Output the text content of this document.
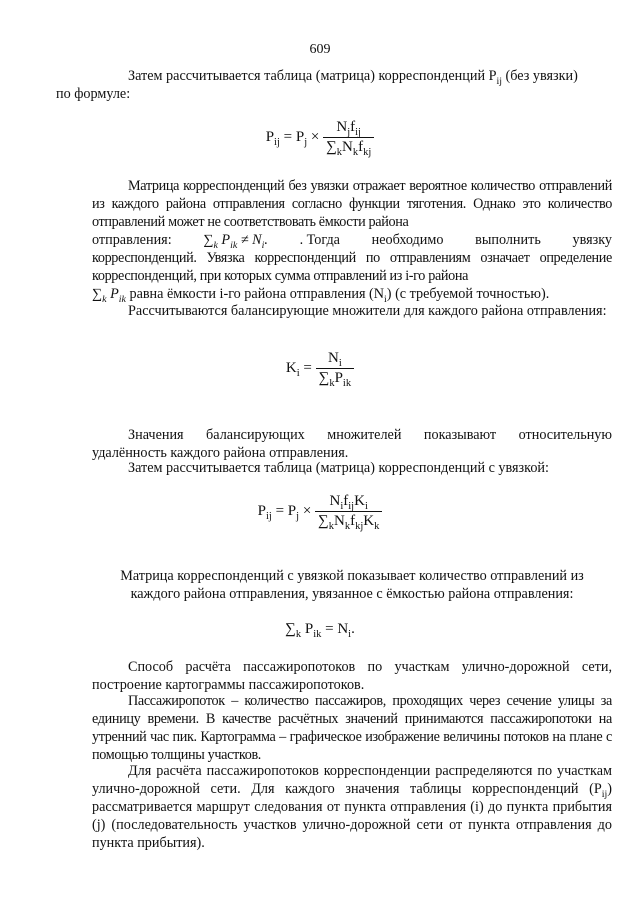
609

Затем рассчитывается таблица (матрица) корреспонденций $P_{ij}$ (без увязки)
по формуле:

$P_{ij} = P_j \times \frac{N_jf_{ij}}{\sum_kN_kf_{kj}}$
Матрица корреспонденций без увязки отражает вероятное количество отправлений из каждого района отправления согласно функции тяготения. Однако это количество отправлений может не соответствовать ёмкости района
отправления: $\sum_k$ $P_{ik} \ne N_i$. . Тогда необходимо выполнить увязку
корреспонденций. Увязка корреспонденций по отправлениям означает определение корреспонденций, при которых сумма отправлений из i-го района
$\sum_k$ $P_{ik}$ равна ёмкости i-го района отправления $(N_i)$ (с требуемой точностью).
Рассчитываются балансирующие множители для каждого района отправления:
$K_i = \frac{N_i}{\sum_kP_{ik}}$
Значения балансирующих множителей показывают относительную удалённость каждого района отправления.
Затем рассчитывается таблица (матрица) корреспонденций с увязкой:
$P_{ij} = P_j \times \frac{N_if_{ij}K_i}{\sum_kN_kf_{kj}K_k}$
Матрица корреспонденций с увязкой показывает количество отправлений из каждого района отправления, увязанное с ёмкостью района отправления:
$\sum_k$ $P_{ik} = N_i$.
Способ расчёта пассажиропотоков по участкам улично-дорожной сети, построение картограммы пассажиропотоков.
Пассажиропоток – количество пассажиров, проходящих через сечение улицы за единицу времени. В качестве расчётных значений принимаются пассажиропотоки на утренний час пик. Картограмма – графическое изображение величины потоков на плане с помощью толщины участков.
Для расчёта пассажиропотоков корреспонденции распределяются по участкам улично-дорожной сети. Для каждого значения таблицы корреспонденций $(P_{ij})$ рассматривается маршрут следования от пункта отправления (i) до пункта прибытия (j) (последовательность участков улично-дорожной сети от пункта отправления до пункта прибытия).
